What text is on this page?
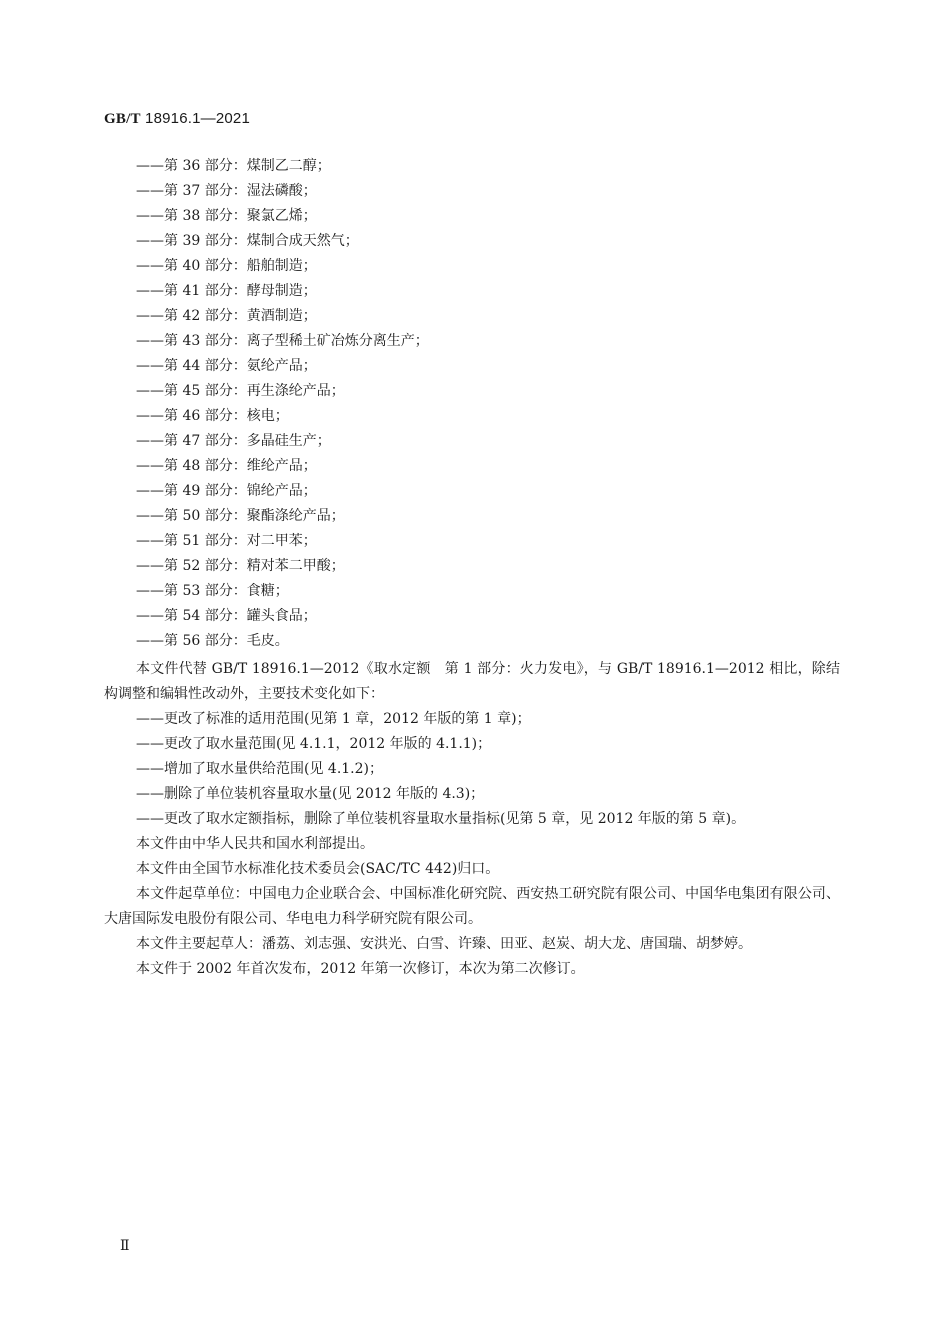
GB/T 18916.1—2021
——第 36 部分：煤制乙二醇；
——第 37 部分：湿法磷酸；
——第 38 部分：聚氯乙烯；
——第 39 部分：煤制合成天然气；
——第 40 部分：船舶制造；
——第 41 部分：酵母制造；
——第 42 部分：黄酒制造；
——第 43 部分：离子型稀土矿冶炼分离生产；
——第 44 部分：氨纶产品；
——第 45 部分：再生涤纶产品；
——第 46 部分：核电；
——第 47 部分：多晶硅生产；
——第 48 部分：维纶产品；
——第 49 部分：锦纶产品；
——第 50 部分：聚酯涤纶产品；
——第 51 部分：对二甲苯；
——第 52 部分：精对苯二甲酸；
——第 53 部分：食糖；
——第 54 部分：罐头食品；
——第 56 部分：毛皮。

本文件代替 GB/T 18916.1—2012《取水定额　第 1 部分：火力发电》，与 GB/T 18916.1—2012 相比，除结构调整和编辑性改动外，主要技术变化如下：

——更改了标准的适用范围(见第 1 章，2012 年版的第 1 章)；

——更改了取水量范围(见 4.1.1，2012 年版的 4.1.1)；

——增加了取水量供给范围(见 4.1.2)；

——删除了单位装机容量取水量(见 2012 年版的 4.3)；

——更改了取水定额指标，删除了单位装机容量取水量指标(见第 5 章，见 2012 年版的第 5 章)。

本文件由中华人民共和国水利部提出。

本文件由全国节水标准化技术委员会(SAC/TC 442)归口。

本文件起草单位：中国电力企业联合会、中国标准化研究院、西安热工研究院有限公司、中国华电集团有限公司、大唐国际发电股份有限公司、华电电力科学研究院有限公司。

本文件主要起草人：潘荔、刘志强、安洪光、白雪、许臻、田亚、赵炭、胡大龙、唐国瑞、胡梦婷。

本文件于 2002 年首次发布，2012 年第一次修订，本次为第二次修订。

Ⅱ
